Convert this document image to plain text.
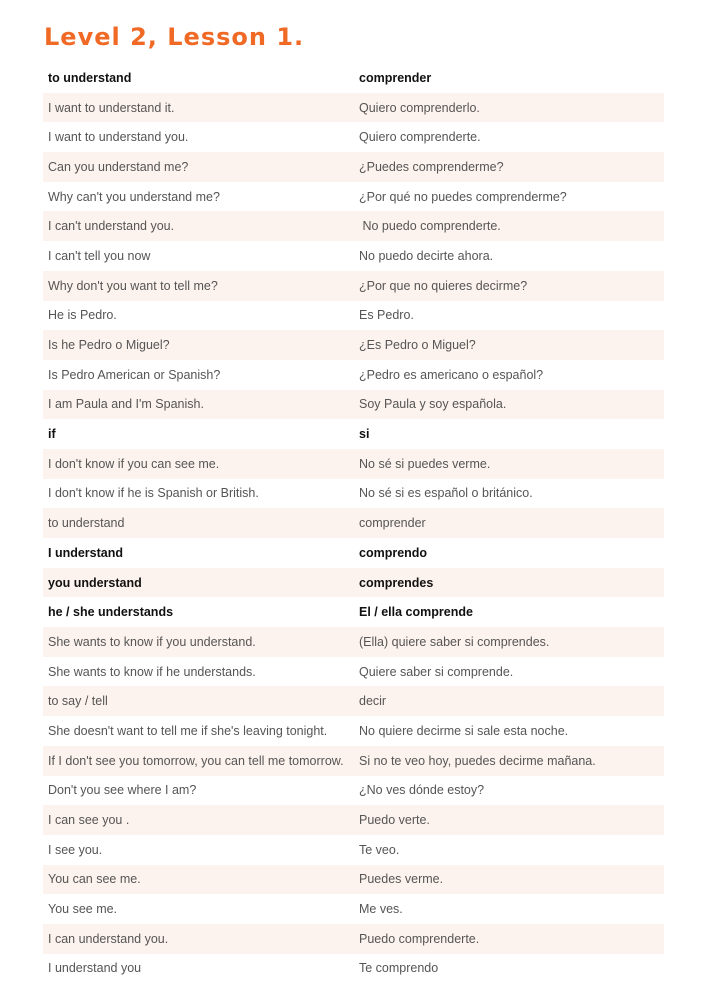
Level 2, Lesson 1.
to understand	comprender
I want to understand it.	Quiero comprenderlo.
I want to understand you.	Quiero comprenderte.
Can you understand me?	¿Puedes comprenderme?
Why can't you understand me?	¿Por qué no puedes comprenderme?
I can't understand you.	No puedo comprenderte.
I can't tell you now	No puedo decirte ahora.
Why don't you want to tell me?	¿Por que no quieres decirme?
He is Pedro.	Es Pedro.
Is he Pedro o Miguel?	¿Es Pedro o Miguel?
Is Pedro American or Spanish?	¿Pedro es americano o español?
I am Paula and I'm Spanish.	Soy Paula y soy española.
if	si
I don't know if you can see me.	No sé si puedes verme.
I don't know if he is Spanish or British.	No sé si es español o británico.
to understand	comprender
I understand	comprendo
you understand	comprendes
he / she understands	El / ella comprende
She wants to know if you understand.	(Ella) quiere saber si comprendes.
She wants to know if he understands.	Quiere saber si comprende.
to say / tell	decir
She doesn't want to tell me if she's leaving tonight.	No quiere decirme si sale esta noche.
If I don't see you tomorrow, you can tell me tomorrow.	Si no te veo hoy, puedes decirme mañana.
Don't you see where I am?	¿No ves dónde estoy?
I can see you .	Puedo verte.
I see you.	Te veo.
You can see me.	Puedes verme.
You see me.	Me ves.
I can understand you.	Puedo comprenderte.
I understand you	Te comprendo
